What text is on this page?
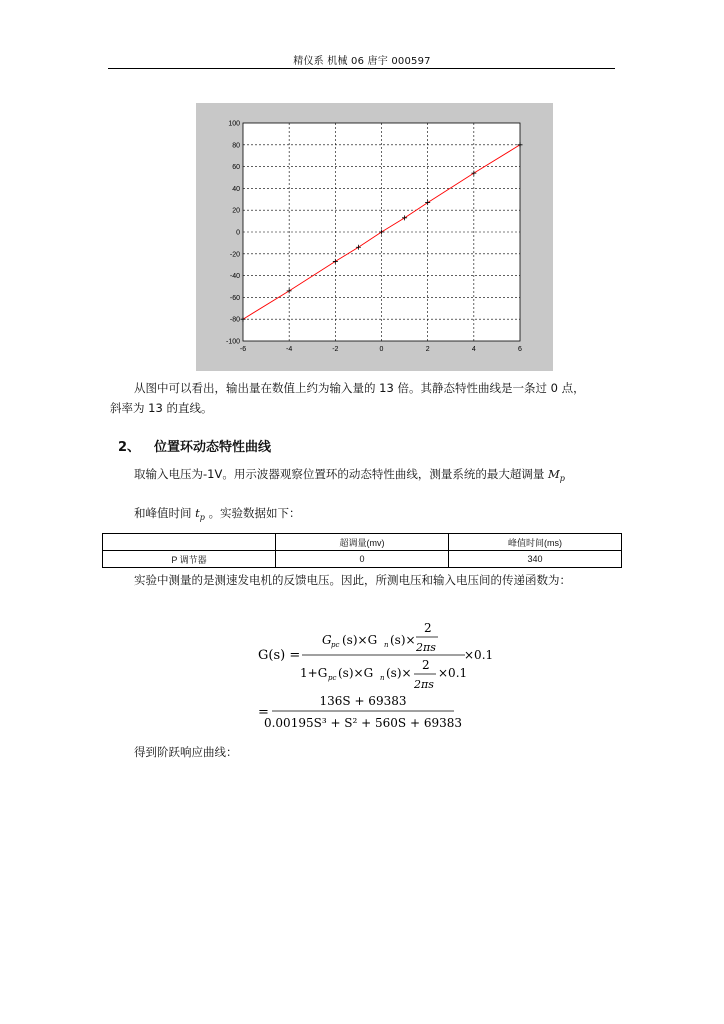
精仪系 机械 06 唐宇 000597
-6	-4	-2	0	2	4	6
100
80
60
40
20
0
-20
-40
-60
-80
-100
从图中可以看出，输出量在数值上约为输入量的 13 倍。其静态特性曲线是一条过 0 点，
斜率为 13 的直线。
2、 位置环动态特性曲线
取输入电压为-1V。用示波器观察位置环的动态特性曲线，测量系统的最大超调量 $M_p$
和峰值时间 $t_p$ 。实验数据如下：
	超调量(mv)	峰值时间(ms)
P 调节器	0	340
实验中测量的是测速发电机的反馈电压。因此，所测电压和输入电压间的传递函数为：
G(s) =
G pc (s)×G n (s)×
2
2πs
×0.1
1+G pc (s)×G n (s)×
2
2πs
×0.1
=
136S + 69383
0.00195S³ + S² + 560S + 69383
得到阶跃响应曲线：
